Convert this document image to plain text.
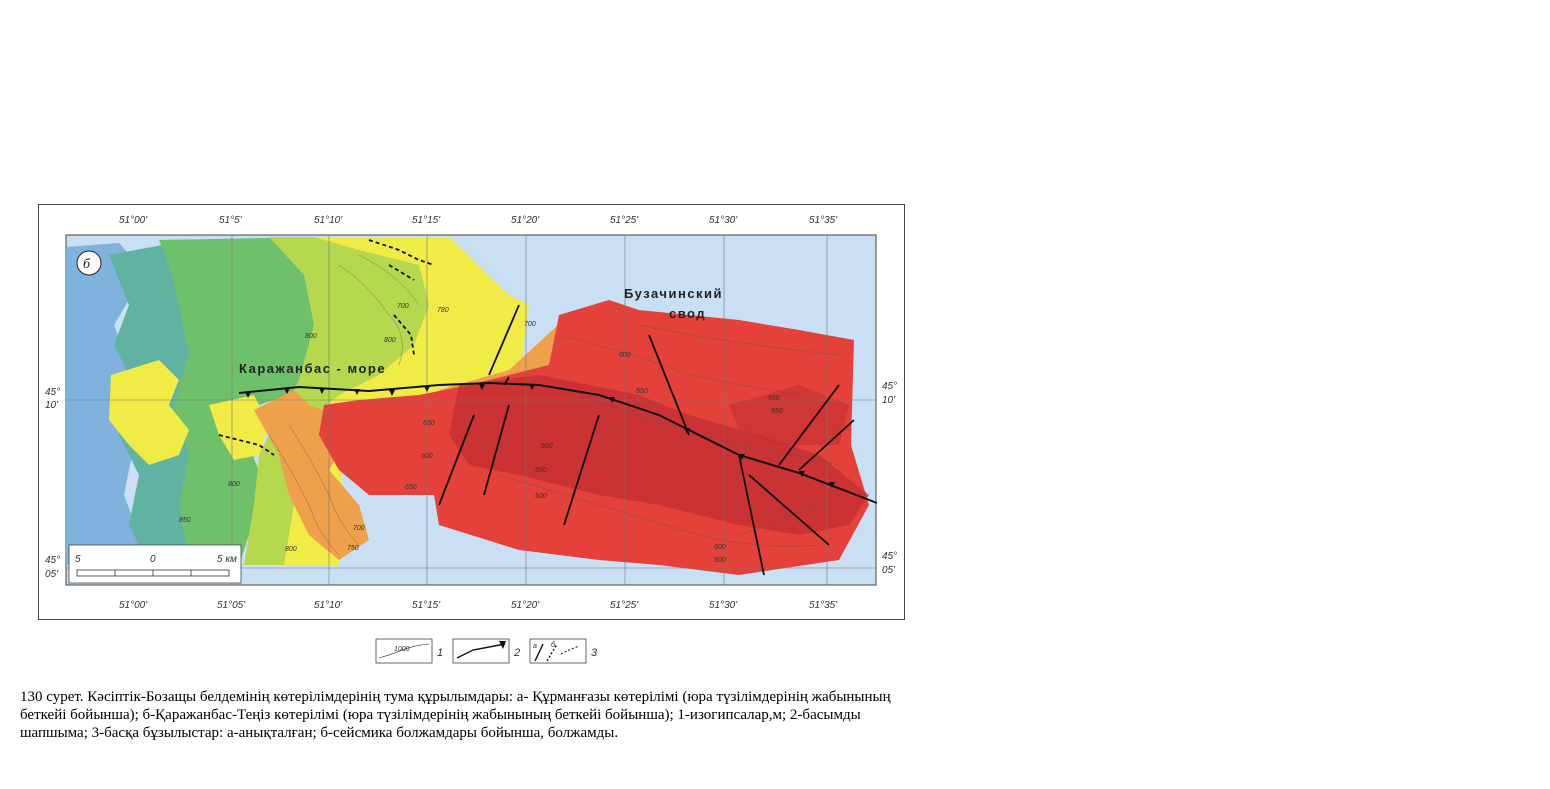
51°00'	51°5'	51°10'	51°15'	51°20'	51°25'	51°30'	51°35'
51°00'	51°05'	51°10'	51°15'	51°20'	51°25'	51°30'	51°35'
45°
10'
45°
10'
45°
05'
45°
05'
б
Каражанбас - море
Бузачинский
свод
700
780
800
800
700
600
550
650
600
550
550
600
650
550
500
600
500
800
850
700
750
800
5	0	5 км
1000 1	2
а б
3
130 сурет. Кәсіптік-Бозащы белдемінің көтерілімдерінің тума құрылымдары: а- Құрманғазы көтерілімі (юра түзілімдерінің жабынының беткейі бойынша); б-Қаражанбас-Теңіз көтерілімі (юра түзілімдерінің жабынының беткейі бойынша); 1-изогипсалар,м; 2-басымды шапшыма; 3-басқа бұзылыстар: а-анықталған; б-сейсмика болжамдары бойынша, болжамды.
